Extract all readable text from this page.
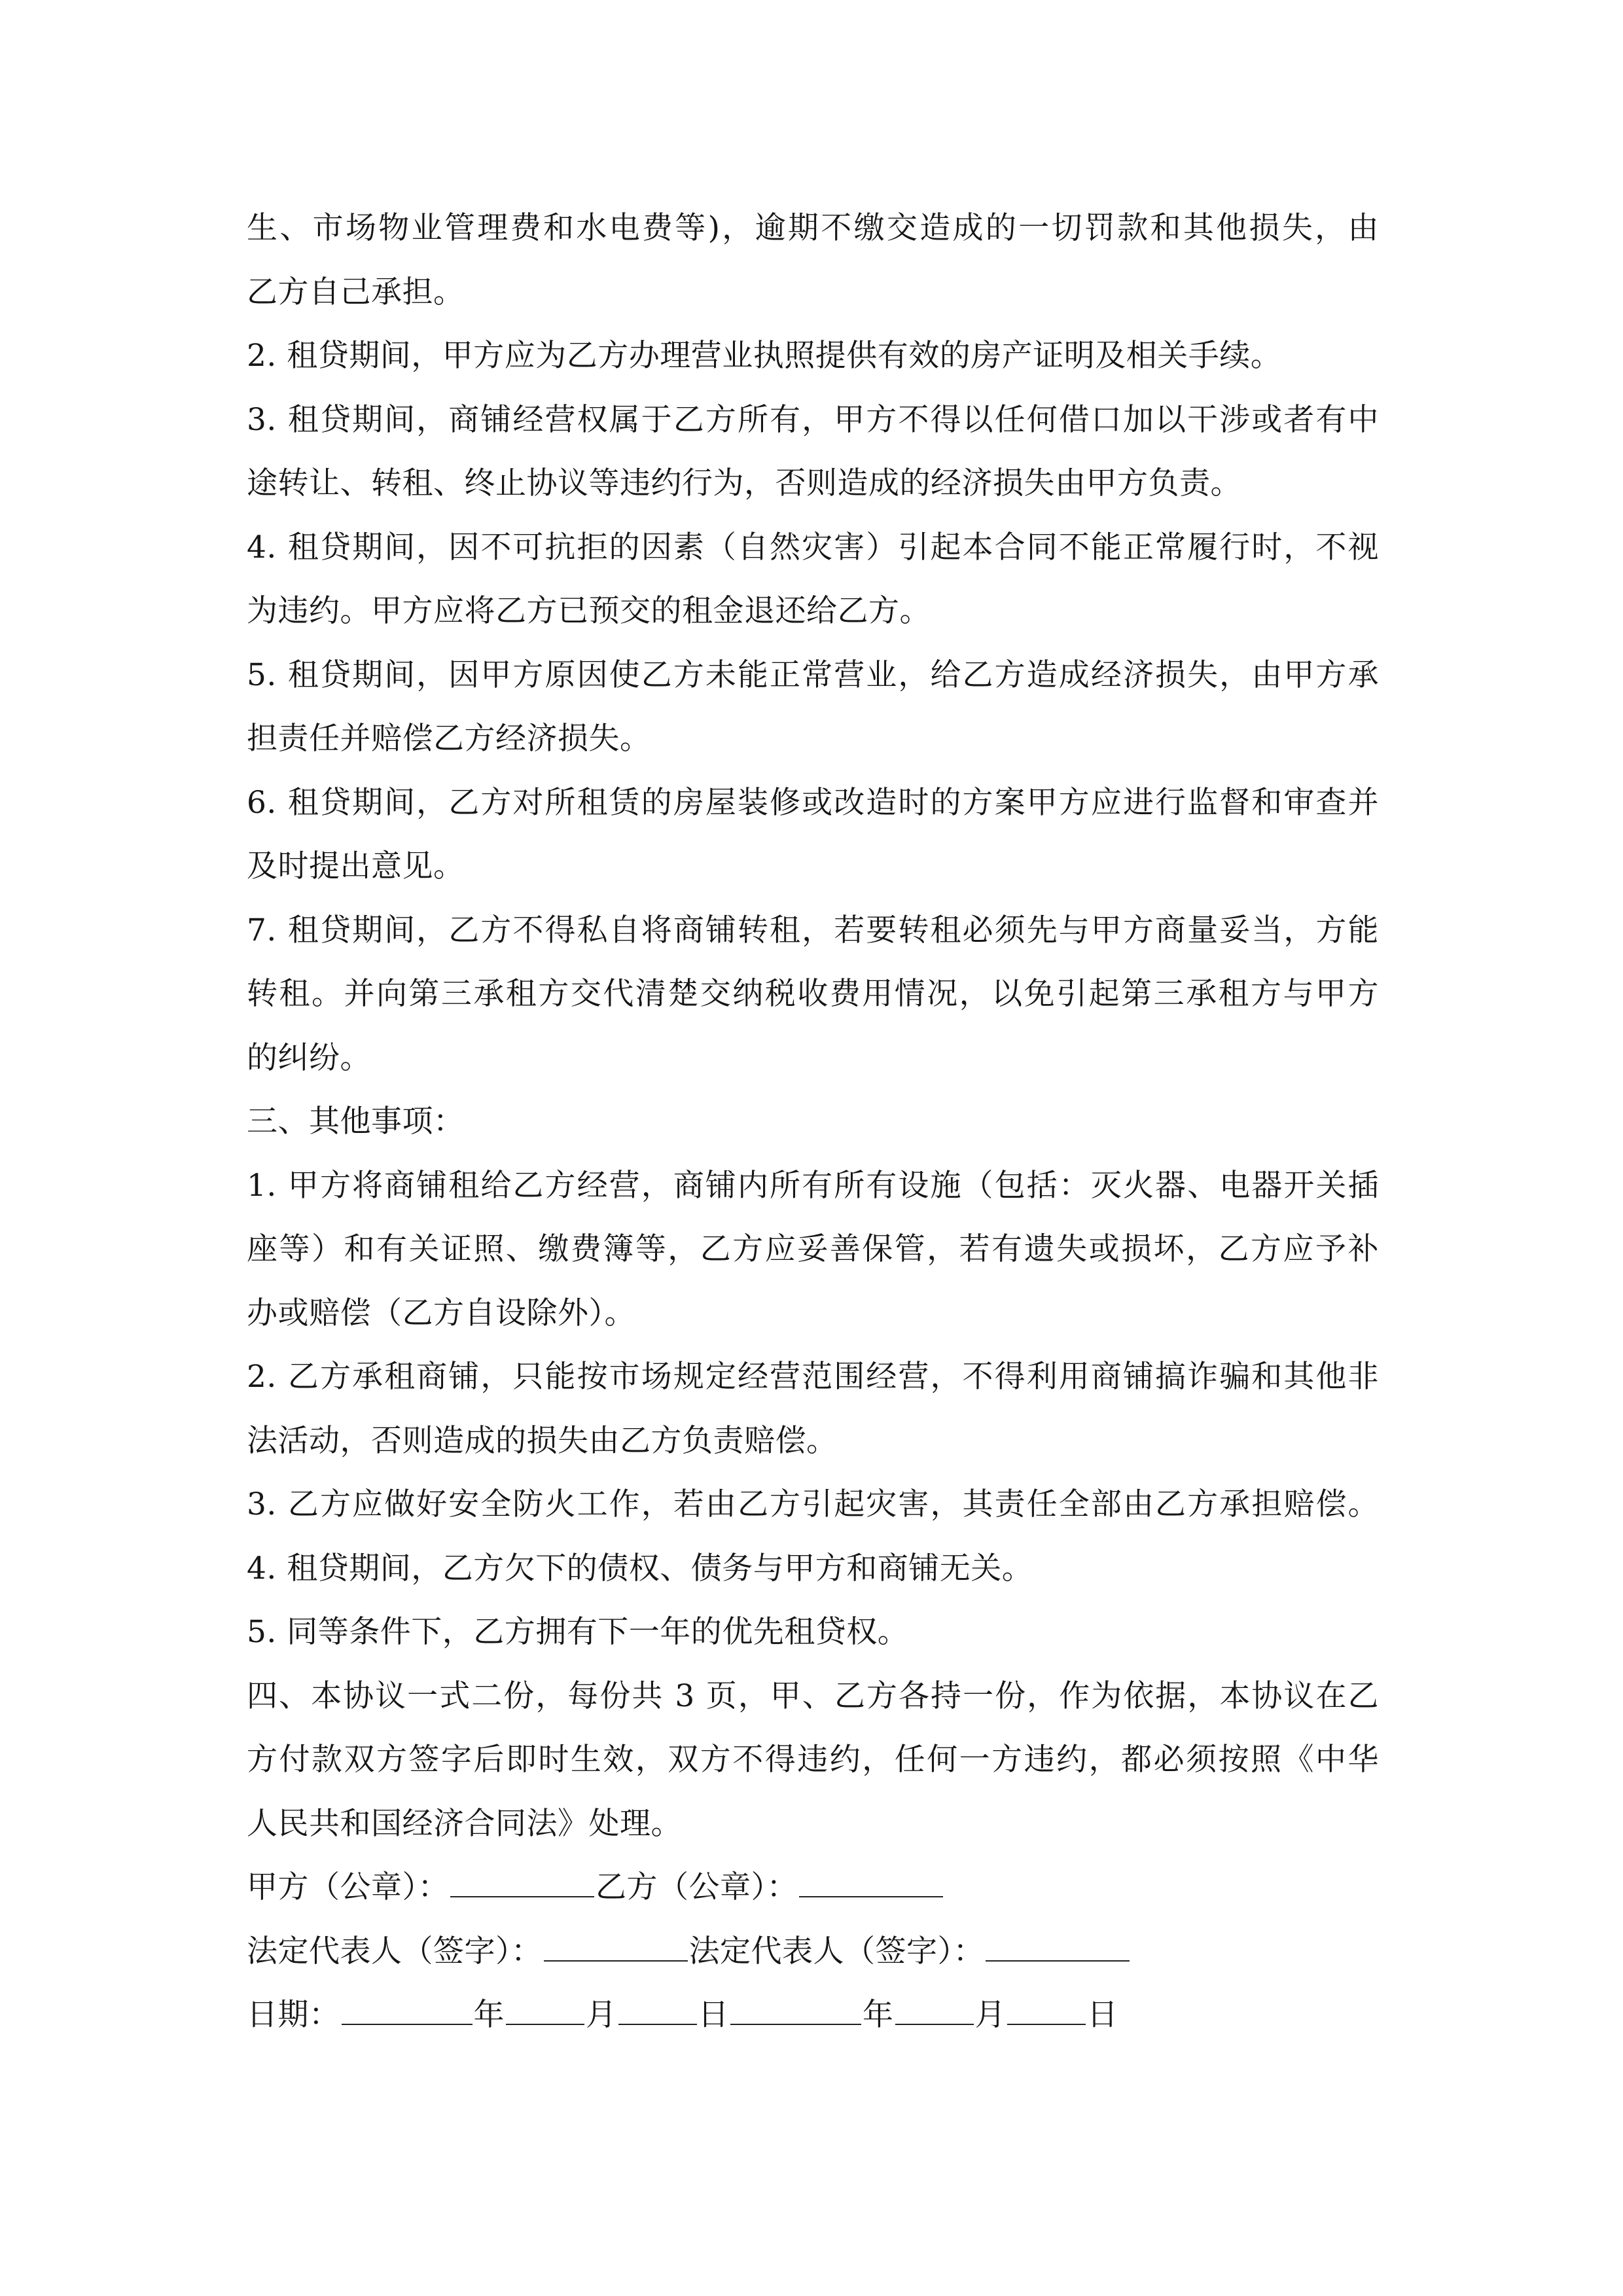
生、市场物业管理费和水电费等)，逾期不缴交造成的一切罚款和其他损失，由
乙方自己承担。
2. 租贷期间，甲方应为乙方办理营业执照提供有效的房产证明及相关手续。
3. 租贷期间，商铺经营权属于乙方所有，甲方不得以任何借口加以干涉或者有中
途转让、转租、终止协议等违约行为，否则造成的经济损失由甲方负责。
4. 租贷期间，因不可抗拒的因素（自然灾害）引起本合同不能正常履行时，不视
为违约。甲方应将乙方已预交的租金退还给乙方。
5. 租贷期间，因甲方原因使乙方未能正常营业，给乙方造成经济损失，由甲方承
担责任并赔偿乙方经济损失。
6. 租贷期间，乙方对所租赁的房屋装修或改造时的方案甲方应进行监督和审查并
及时提出意见。
7. 租贷期间，乙方不得私自将商铺转租，若要转租必须先与甲方商量妥当，方能
转租。并向第三承租方交代清楚交纳税收费用情况，以免引起第三承租方与甲方
的纠纷。
三、其他事项：
1. 甲方将商铺租给乙方经营，商铺内所有所有设施（包括：灭火器、电器开关插
座等）和有关证照、缴费簿等，乙方应妥善保管，若有遗失或损坏，乙方应予补
办或赔偿（乙方自设除外）。
2. 乙方承租商铺，只能按市场规定经营范围经营，不得利用商铺搞诈骗和其他非
法活动，否则造成的损失由乙方负责赔偿。
3. 乙方应做好安全防火工作，若由乙方引起灾害，其责任全部由乙方承担赔偿。
4. 租贷期间，乙方欠下的债权、债务与甲方和商铺无关。
5. 同等条件下，乙方拥有下一年的优先租贷权。
四、本协议一式二份，每份共 3 页，甲、乙方各持一份，作为依据，本协议在乙
方付款双方签字后即时生效，双方不得违约，任何一方违约，都必须按照《中华
人民共和国经济合同法》处理。
甲方（公章）：	乙方（公章）：
法定代表人（签字）：	法定代表人（签字）：
日期：	年	月	日	年	月	日
